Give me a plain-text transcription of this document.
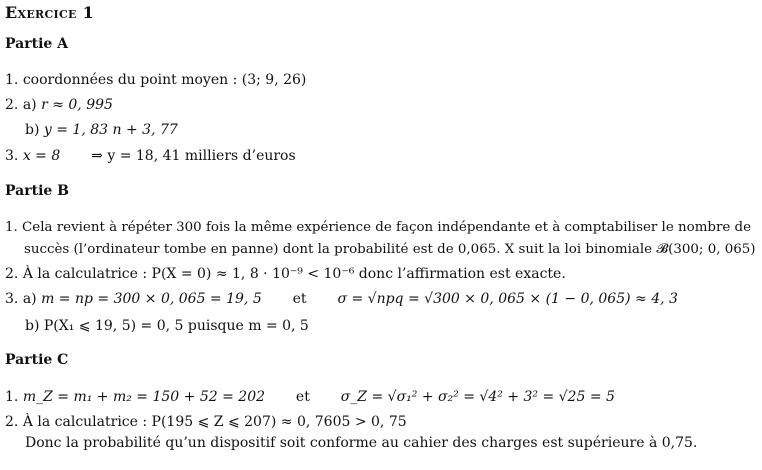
Exercice 1
Partie A
1. coordonnées du point moyen : (3; 9, 26)
2. a) r ≈ 0, 995
b) y = 1, 83 n + 3, 77
3. x = 8 ⇒ y = 18, 41 milliers d’euros
Partie B
1. Cela revient à répéter 300 fois la même expérience de façon indépendante et à comptabiliser le nombre de
succès (l’ordinateur tombe en panne) dont la probabilité est de 0,065. X suit la loi binomiale 𝓑(300; 0, 065)
2. À la calculatrice : P(X = 0) ≈ 1, 8 · 10⁻⁹ < 10⁻⁶ donc l’affirmation est exacte.
3. a) m = np = 300 × 0, 065 = 19, 5 et σ = √npq = √300 × 0, 065 × (1 − 0, 065) ≈ 4, 3
b) P(X₁ ⩽ 19, 5) = 0, 5 puisque m = 0, 5
Partie C
1. m_Z = m₁ + m₂ = 150 + 52 = 202 et σ_Z = √σ₁² + σ₂² = √4² + 3² = √25 = 5
2. À la calculatrice : P(195 ⩽ Z ⩽ 207) ≈ 0, 7605 > 0, 75
Donc la probabilité qu’un dispositif soit conforme au cahier des charges est supérieure à 0,75.
